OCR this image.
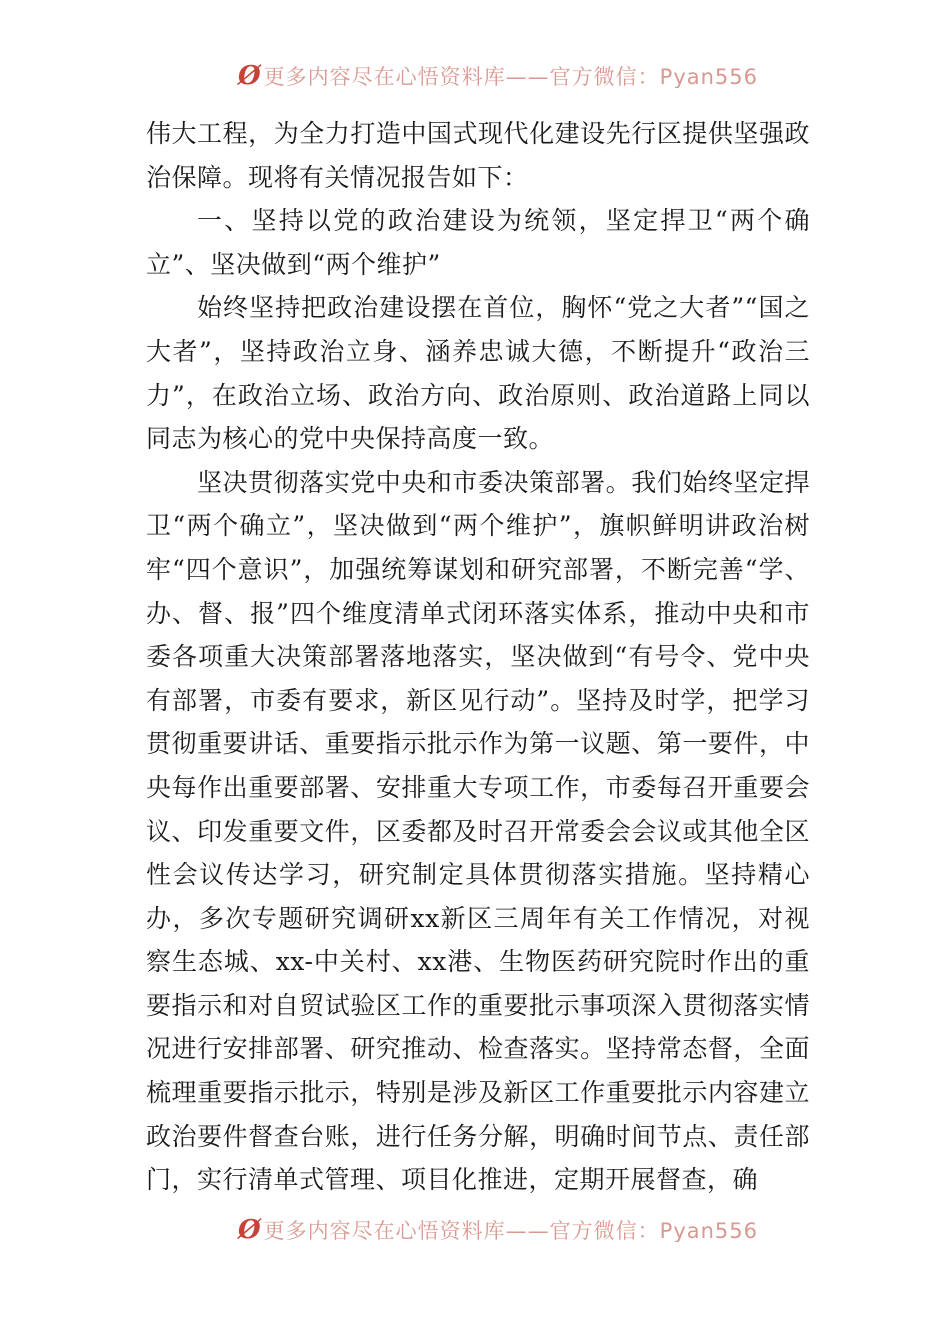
Ø 更多内容尽在心悟资料库——官方微信：Pyan556

伟大工程，为全力打造中国式现代化建设先行区提供坚强政治保障。现将有关情况报告如下：

一、坚持以党的政治建设为统领，坚定捍卫“两个确立”、坚决做到“两个维护”

始终坚持把政治建设摆在首位，胸怀“党之大者”“国之大者”，坚持政治立身、涵养忠诚大德，不断提升“政治三力”，在政治立场、政治方向、政治原则、政治道路上同以同志为核心的党中央保持高度一致。

坚决贯彻落实党中央和市委决策部署。我们始终坚定捍卫“两个确立”，坚决做到“两个维护”，旗帜鲜明讲政治树牢“四个意识”，加强统筹谋划和研究部署，不断完善“学、办、督、报”四个维度清单式闭环落实体系，推动中央和市委各项重大决策部署落地落实，坚决做到“有号令、党中央有部署，市委有要求，新区见行动”。坚持及时学，把学习贯彻重要讲话、重要指示批示作为第一议题、第一要件，中央每作出重要部署、安排重大专项工作，市委每召开重要会议、印发重要文件，区委都及时召开常委会会议或其他全区性会议传达学习，研究制定具体贯彻落实措施。坚持精心办，多次专题研究调研xx新区三周年有关工作情况，对视察生态城、xx-中关村、xx港、生物医药研究院时作出的重要指示和对自贸试验区工作的重要批示事项深入贯彻落实情况进行安排部署、研究推动、检查落实。坚持常态督，全面梳理重要指示批示，特别是涉及新区工作重要批示内容建立政治要件督查台账，进行任务分解，明确时间节点、责任部门，实行清单式管理、项目化推进，定期开展督查，确

Ø 更多内容尽在心悟资料库——官方微信：Pyan556
